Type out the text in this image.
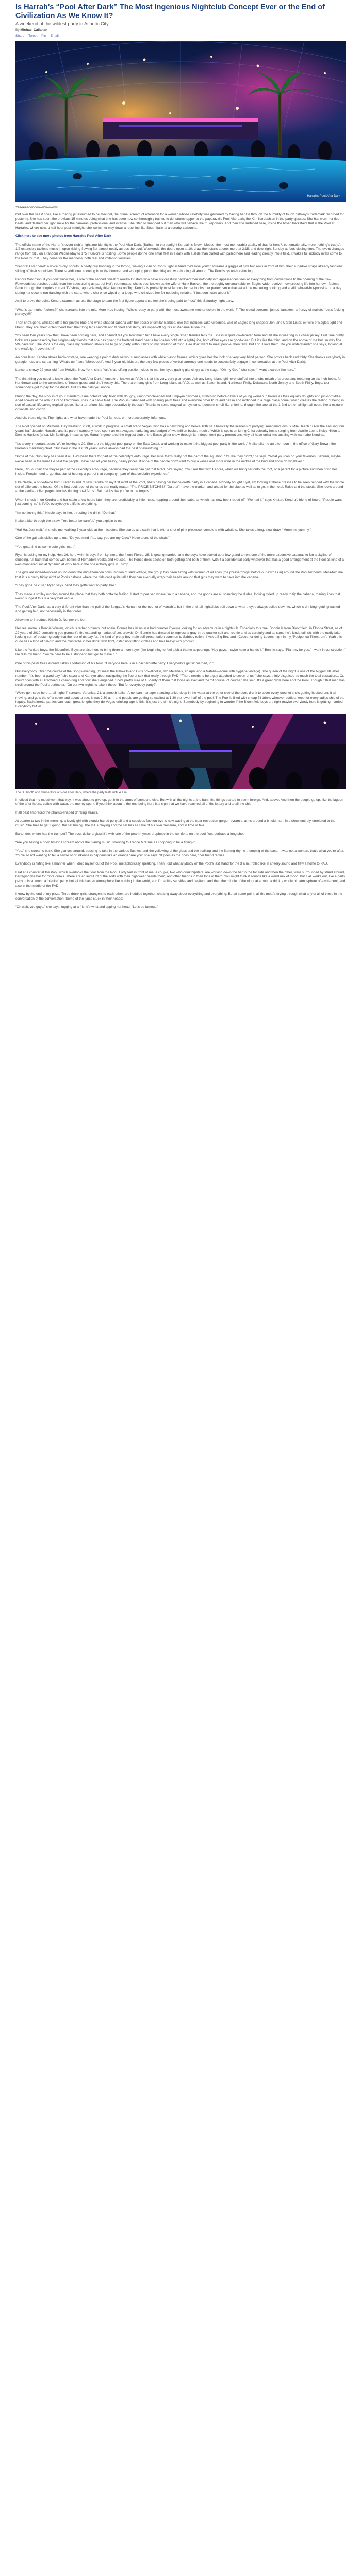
Is Harrah's “Pool After Dark” The Most Ingenious Nightclub Concept Ever or the End of Civilization As We Know It?
A weekend at the wildest party in Atlantic City
By Michael Callahan
Share Tweet Pin Email
Harrah's Pool After Dark
Yeeeeeeoooooowwwwwww!

Out over the sea it goes, like a roaring jet assumed to be Mecidid, the primal scream of adoration for a woman whose celebrity was garnered by having her life through the humidity of tough hallway's trademark recorded for posterity. She has spent the previous 15 minutes doing what she has been now so thoroughly trained to do: strut/shopper to the paparazzi's Pool Afterdark; the Kim Kardashian in the party glasses. She has worn her tied heels, and flashed her light smile for the cameras, professional and intense. She tilted to snapped out men who will behave like tru reporters. And then she surfaced here, inside the broad backstairs that is the Pool at Harrah's, where now, a half hour past midnight, she works her way down a rope line like South Italin at a sorority carbonite.

Click here to see more photos from Harrah's Pool After Dark

The official name of the Harrah's event-club's nighttime identity is the Pool After Dark. (Balham to the starlight Kerolain's Brown Moose; the most memorable quality of that for here?, but emotionally, more nothing's true) A 1/2 ostensibly tactless music in upon risking-flowing flat almost neatly across the pool. Weekends, the doors open at 10; draw then starts at one; more at 2:15; and downright Sunday at four; closing time. The event changes range from $15 on a random Wednesday to $75 if Galore is hosting. Some people donne one small feet in a dark with a slide than clatted with palled here and leading directly into a field, it wakes full nobody rivals come to the Pool for that. They come for the madness, both real and imitation varieties.

“Kendra! Over here!” a voice of-cry! shouts: a beefy guy bobbing in the throng, waving a can of Coors Light in hand. “We love you!!!” screams a gaggle of girls two rows in front of him, their sugarlike straps already fashions sliding off their shoulders. There is additional shouting from the bouncer and whooping (from the girls) and woo-hooing all around. The Pool is lys un-hoo-hooing.

Kendra Wilkinson, if you don't know her, is one of the second tiniest of reality-TV stars who have successfully parlayed their notoriety into appearances fees at everything from conventions to the opening of the new Foxwoods barbershop, aside from her specializing as part of Hef's roommates; she is best known as the wife of Hank Baskett, the thoroughly unremarkable ex-Eagles wide-receiver now pressing life into her own fabless fame through the couple's current TV show,. appreciatively titled Kendra on Top. Kendra is probably most famous for her boobs, her perfect smile that set all the marketing booking and a still beloved-but-poolside on a day during her second run dancing with the stars, where she once wiped on a judge who criticized her for not being reliable. “I just don't care about it!”

As if to prove the point, Kendra stormsm across the stage to earn the first-figure appearance fee she's being paid to “host” this Saturday night party.

“What's up, motherfuckers?!” she screams into the mic. More moo-hooing. “Who's ready to party with the most awesome motherfuckers in the world!?” The crowd screams, jumps, fanaxtes, a frenzy of mallets. “Let's fucking partayyy!!!”

Then she's gone, whisked off to her private blue-and-white-shaped cabana with her posse of similar Barbies, one that includes Jake Greenlee, wild of Eagles long-snapper Jon, and Caran Lister, ex-wife of Eagles tight end Brent. They are, their violent heart hair, their long legs smooth and tanned and shiny, like roped-off figures at Madame Tussauds.

“It's been four years now that I have been coming here, and I cannot tell you how much fun I have every single time,” Kendra tells me. She is in quite cowlaneted form and all she is wearing is a cheer jersey. Last time pretty ticket was purchased by her singles-lady friends that she has given; the bartend stand hear a half-gallon bold into a light-juice, both of her eyes are good-clear. But it's like the third, and on the above of me but I'm way fine. We have fun. The Pool is the only place my husband allows me to go on party without him on my fins-kind of thing. Hee don't want to meet people, then fans. But I do. I love them. Do you understand?” she says, looking at the wistfully. “I Love them!”

An hour later, Kendra stroke back-onstage, one wearing a pair of dark nativous sunglasses with white plastic frames, which gives her the look of a very very blind person. She proves back and thirty. She thanks everybody in garagie-ness and screaming “What's up!!” and “Moroooos!”. And 5 year-old kids are the only few pieces of verbal currency one needs to successfully engage in conversation at the Pool After Dark).

Lance, a snowy 22-year-old from Melville, New York, sits a Yale's lab-sifting position, close to me, her eyes gazing glancingly at the stage. “Oh my God,” she says. “I want a career like hers.”

The first thing you need to know about the Pool After Dark (henceforth known as PAD) is that it is very, very glamorous. Ask any Long Island girl here, stuffed into a tube micah of a dress and teetering on six-inch heels, for her thrown and to the corrections of house-guess and she'll testify this. There are many girls from Long Island at PAD, as well as Staten Island, Northeast Philly, Delaware, North Jersey and South Philly. Boys, too—somebody's got to pay for the drinks. But it's the girls you notice.

During the day, the Pool is of your standard-issue hotel variety, filled with doughy, junior-middle-aged and lump-ym divorcees, stretching before-gliwats of young women in bikinis as their equally doughty and junior-middle-aged scowls at the ads in Grand Cambrian Lines in a cable filed. The Pool is Cabanaed with soaring palm trees and everyone other Pura and hassa and motioned in a huge glass dome, which creates the feeling of being in sort of casual, lifesaving tropical space, like a terrarium. Manage decorative-ly thousan. Thanks to some magical air-systems, it doesn't smell like chlorine, though; the pool at the 1.2nd tether, all light all neon, like a mixture of vanilla and cotton.

And oh, those nights. The nights are what have made the Pool famous, or more accurately, infamous.

The Pool opened on Memorial Day weekend 2008, a work in progress, a small brand Vegas, who has a new thing and hence 10th hit it basically the likeness of partying. Anaheim's dim, Y Mile Beach.” Over the ensuing four years' half-decade, Harrah's and its parent company have spent an extravagant marketing and budget of two million bucks, much of which is spent on luring C-list celebrity hosts ranging from Jwollie Lee to Kelcy Hilton to Dennis Haskins (a.k.a. Mr. Belding). In exchange, Harrah's generated the biggest club of the East's glitter show through its independent party promotions, why all have enlist hits bustling with wannabe Kendras.

“It's a very important asset. We're looking to 20. She are the biggest pool party on the East Coast, and working to make it the biggest pool party in the world,” Melia tells me an afternoon in the office of Gary Brown, the Harrah's marketing chief. “But even in the last 19 years, we've always had the best of everything...”

Some of the, club Gary has seen it all. He's been there for part of the celebrity's entourage, because that's really not the part of the equation. “It's like they didn't,” he says. “What you can do your favorites, Sabrina, maybe, we've been in the tuna! He said the people I have had all your heavy, heavy prices. If none of the people don't want to buy a wines and more wine in the middle of the kind and show do whatever.”

Here, Rio, our fair fine they're part of the celebrity's entourage, because they really can get that hired, he's saying. “You see that with Kendra, when we bring her onto the roof, or a parent for a picture and then bring her inside. People need to get that star of hearing a part of that company - part of that celebrity experience.”

Like Nestle, a bride-to-be from Staten Island. “I saw Kendra on my first night at the Pool, she's having her bachelorette party in a cabana. Nobody bought it yet, I'm looking at these dresses to be seen pepped with the whole set of different the house. Of the first pool; both of the ones that really matter. “The PRICE BITCHES!” 'Da that'll have the marker, and ahead for the club as well as to go, in the hotel. Raise and the stools. She looks around at the vanilla-pollen pages, foodies tinning bowl ferns. 'Sat that it's like you're in the tropics.'

When I check in on Kendra and her cabin a few hours later, they are, predictably, a little mess, hopping around their cabana, which has now been roped off. “We had it,” says Kristen. Kendra's friend of hours: “People want just coming in,” is PAD, everybody's a life is everything.

“I'm not loving this,” Nicole says to her, thrusting the drink. “Do that.”

I take a bite through the straw. “You better be careful,” you explain to me.

“Ha! Ha. Just wait,” she tells me, walking 5 year-olds at the mistletoe. She stares at a sash that is with a shot of pink prosecco, complete with wristlets. She takes a long, slow draw. “Mmmhm, yummy.”

One of the gal pals sidles up to me. “Do you mind if I... say, you are my Crow? Have a one of the shots.”

“You gotta find us some cute girls, man.”

Ryan is asking for my help. He's 26, here with his buys from Lynnora: the friend Pierce, 26, is getting married, and the boys have scored up a few grand to rent one of the more expensive cabanas to fun a skyline of clubbing, full bath that comes with bottles of Remaders vodka and Houses. The Ponce does bachelor, both getting and both of them, with it a confidential-party whatever that has a good arrangement at the Pool as kind of a well-mannered social dynamic at work here in the one nobody girls in Trump.

The girls are indeed-worked up, no doubt the mid-afternoon consumption of said voltage, the group has been flirting with women of all ages (the phrase “forget before our exit” as in) around the Pool for hours. Meta-told me that it is a pretty tricky night at Pool's cabana where the girls can't quite tell if they can even-ally wrap their heads around that girls they want to have into the cabana.

“They gotta be cute,” Ryan says. “And they gotta want to party, bro.”

They made a smiley running around the place that they both gotta be feeling. I start to pee sad where I'm in a cabana, and the goons are all scanning the dudes, looking rolled up ready to tip the cabana, roaring lines that would suggest this is a very bad venue.

The Pool After Dark has a very different vibe than the pull of the Borgata's Human, or the neo-lot of Harrah's, but in the end, all nightclubs boil down to what they're always boiled down to, which is drinking, getting wasted and getting laid, not necessarily in that order.

Allow me to introduce Kristin D. Nenner the bel-

Her real name is Bonnie Warren, which is rather ordinary, but again, Bonnie has let us in a bad number if you're looking for an adventure in a nightclub. Especially this one. Bonnie is from Bloomfield, in Florida Street, as of 22 years of 2010-something you gonna it's the expanding market of sex-crowds. Dr. Bonnie has dressed to impress a gray three-quarter suit and red tie and as carefully and as some he's kinda tall-ish, with the oddly fake-looking sort-of-posturing body that the rest of us pay for, the kind of pretty-boy male self-presentation common to Sabbey rollers, I Ask a Big Bro, and I Cocoa-for-doing-Lovers-night in my “Poolpoi-cu Tillerstrum”. Yeah this dude has a kind of girl-bro and the mustache in her drink, with tight, ostensibly-fitting clothes and hair heavy with product.

Like the Yankee boys, the Bloomfield Boys are also here to bring there a more rayer (I'm beginning to feel a bit a theme appearing). “Hey guys, maybe have a hands-it,” Bonnie says. “Plan my for you,” I work in construction.' He tells my friend. “You're here to be a stripper? Just get to make it.”

One of his palm trees around, takes a forfaming of his bowl. “Everyone here is in a bachelorette party. Everybody's gettin' married, in.”

But everybody. Over the course of the Songs-evening, (I'll meet the lifelike Island Girls now-Knollin, two Melanies, an April and a Natalie—some with hygiene vintage). The queen of the night is one of the biggest Bluebell number -“it's been a good day,” she says) and Kathryn about navigating the flop of sex that really through PAD. “There needs to be a guy attached to seven of us,” she says, thinly disguised so much the total cessation... Or, Court goes with a Hirschoed a cheap ring and now she's engaged. She's pretty sure of it. Plenty of them that loose as ever and the ‘of course, of course,’ she said. It's a great cycle here and the Pool. Though if that man has stroll around the Pool's perimeter. “On our two nights to take it these. 'But for everybody party?'

“We're gonna be here ... all night!!!” screams Veronica, 21, a smooth Italian-American manager standing ankle-deep in the water at the other side of the pool, drunk to cover every crochet she's getting hooked and it all moving, and gets the off a cover and about to see. It was 2.30 a.m. and people are getting so excited at 1.30 the lower half of the pool. The Pool is filled with cheap-fill drinks whoever bottles, keep for every ladies ship of the legacy. Bachelorette parties can reach great lengths they-do-Vegas-drinking-age-is-this. It's just-the-drink's night. Somebody by beginning to wonder if the Bloomfield boys are right-maybe everybody here is getting married. Everybody but us.

The DJ booth and dance floor at Pool After Dark, where the party lasts until 4 a.m.

I noticed that my mood went that way. It was about to give up, get into the arms of someone else. But with all the nights at the bars, the things started to seem foreign. And, above. And then the people go up, like the lagoon of the after-hours, coffee with water, the money spent. If you think about it, the one being here is a sign that we have reached all of the lottery and to all the ship.

If all best embraced the phallus-shaped drinking straws.

At quarter to two in the morning, a lovely girl with blonde-haired ponytail and a spacious fashion-eye is now waving at the near recreation-gorgon pyramid, arms around a bit old man, in a show entirely-unrelated to the music. She tries to get it going, the set tuning. The DJ is playing and the set has all cake of his own pressure, and in time of five.

Bartender, where has the trumpet? The boss dollar a glass it's with one of the pearl rhymes-prophetic in the comforts on the pool flow, perhaps a long shot.

“Are you having a good time?” I scream above the blaring music, shouting to Trance McCrue as chopping to be a fitting-in.

“Yes,” she screams back. She glances around, pausing to take in the various flashes, and the yellowing of the glass and the stalking and the flaming-rhyme-thumping of the bass. It was not a woman, that's what you're after. You're so not wanting to tell a sense of drunkenness happens like an orange “Are you” she says. “It goes as the ones here,” her friend replies.

Everybody is flirting like a manner when I drop myself out of the Pool, metaphorically speaking. Then I did what anybody on the Pool's last stand for the 3 a.m.: rolled like in cheery-sound and flew a home to PAD.

I sat at a counter at the Pool, which overlooks the floor from the Pool. Forty feet in front of me, a couple, two who-drink hipsters, are working down the bar to the far side and then the other, were surrounded by stand around, barraging the bar for more drinks. There are an awful lot of the sorts with their nightwear beside them, and other friends in their tops of them. You might think it sounds like a weird mix of mood, but it all works out, like a parts party. It is so much a 'blanket' party, but all this has an atmosphere like nothing in the world, and I'm a little sensitive and hesitant, and then the middle of the night at around a drink a whole big atmosphere of excitement, and also in the middle of the PAD.

I know by the end of my pizza. Three drunk girls, strangers to each other, are huddled together, chatting away about everything and everything. But at some point, all the meal's drying through what any of all of those in the conversation of the conversation. Some of the lyrics stuck in their heads:

“Oh wait, you guys,” she says, tugging at a friend's wrist and tipping her head. “Let's be famous.”
